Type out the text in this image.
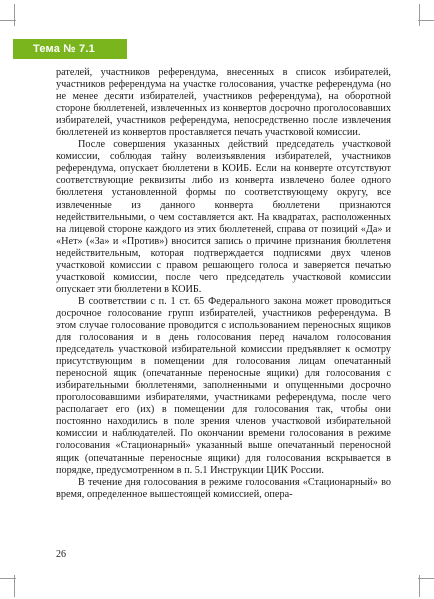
Тема № 7.1

рателей, участников референдума, внесенных в список избирателей, участников референдума на участке голосования, участке референдума (но не менее десяти избирателей, участников референдума), на оборотной стороне бюллетеней, извлеченных из конвертов досрочно проголосовавших избирателей, участников референдума, непосредственно после извлечения бюллетеней из конвертов проставляется печать участковой комиссии.

После совершения указанных действий председатель участковой комиссии, соблюдая тайну волеизъявления избирателей, участников референдума, опускает бюллетени в КОИБ. Если на конверте отсутствуют соответствующие реквизиты либо из конверта извлечено более одного бюллетеня установленной формы по соответствующему округу, все извлеченные из данного конверта бюллетени признаются недействительными, о чем составляется акт. На квадратах, расположенных на лицевой стороне каждого из этих бюллетеней, справа от позиций «Да» и «Нет» («За» и «Против») вносится запись о причине признания бюллетеня недействительным, которая подтверждается подписями двух членов участковой комиссии с правом решающего голоса и заверяется печатью участковой комиссии, после чего председатель участковой комиссии опускает эти бюллетени в КОИБ.

В соответствии с п. 1 ст. 65 Федерального закона может проводиться досрочное голосование групп избирателей, участников референдума. В этом случае голосование проводится с использованием переносных ящиков для голосования и в день голосования перед началом голосования председатель участковой избирательной комиссии предъявляет к осмотру присутствующим в помещении для голосования лицам опечатанный переносной ящик (опечатанные переносные ящики) для голосования с избирательными бюллетенями, заполненными и опущенными досрочно проголосовавшими избирателями, участниками референдума, после чего располагает его (их) в помещении для голосования так, чтобы они постоянно находились в поле зрения членов участковой избирательной комиссии и наблюдателей. По окончании времени голосования в режиме голосования «Стационарный» указанный выше опечатанный переносной ящик (опечатанные переносные ящики) для голосования вскрывается в порядке, предусмотренном в п. 5.1 Инструкции ЦИК России.

В течение дня голосования в режиме голосования «Стационарный» во время, определенное вышестоящей комиссией, опера-

26
